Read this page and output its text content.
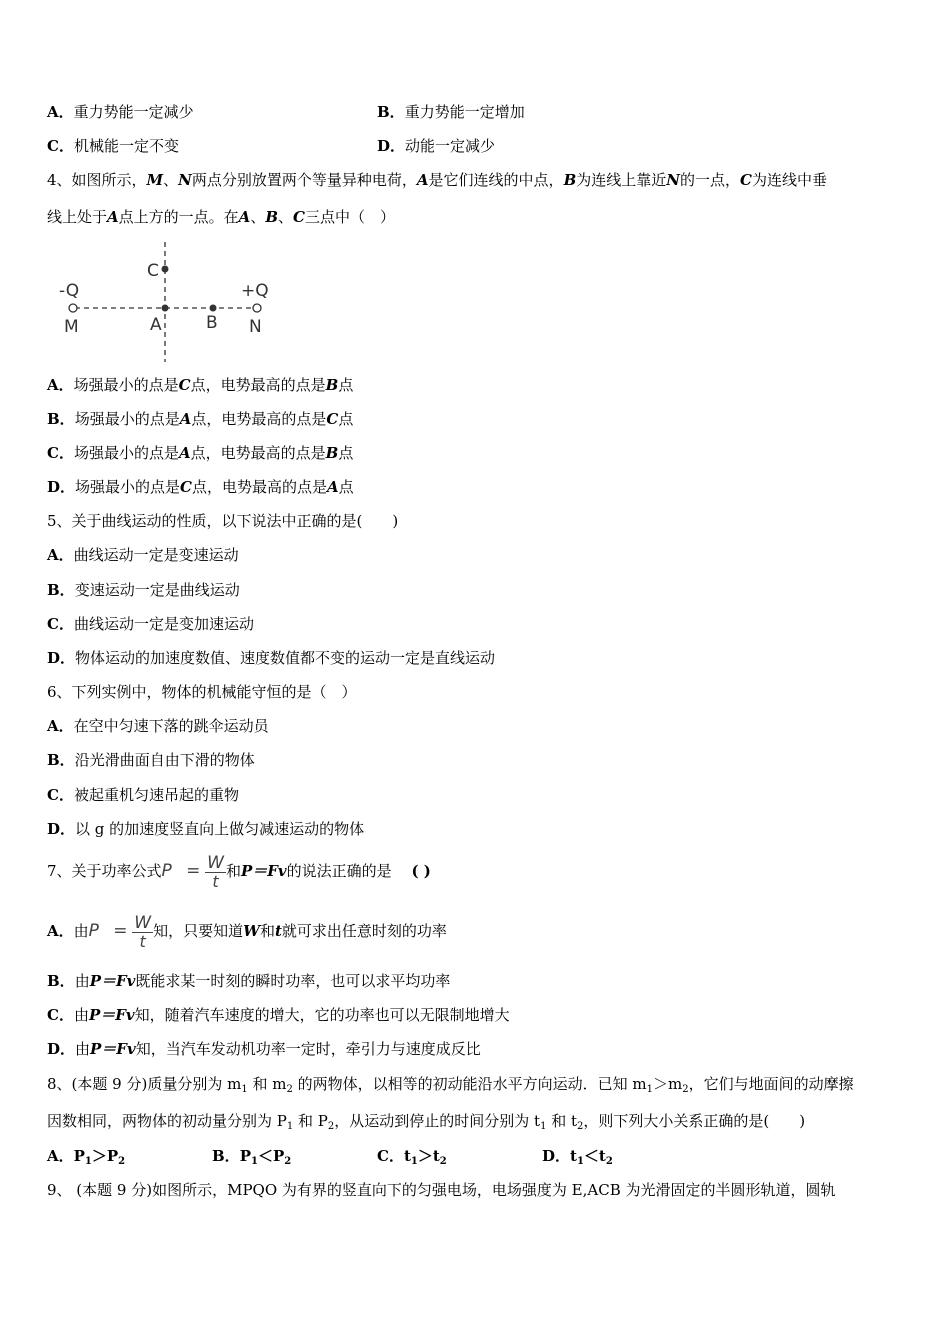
A．重力势能一定减少	B．重力势能一定增加
C．机械能一定不变	D．动能一定减少
4、如图所示，M、N两点分别放置两个等量异种电荷，A是它们连线的中点，B为连线上靠近N的一点，C为连线中垂
线上处于A点上方的一点。在A、B、C三点中（　）
C
-Q	+Q
M	A	B N
A．场强最小的点是C点，电势最高的点是B点
B．场强最小的点是A点，电势最高的点是C点
C．场强最小的点是A点，电势最高的点是B点
D．场强最小的点是C点，电势最高的点是A点
5、关于曲线运动的性质，以下说法中正确的是(　　)
A．曲线运动一定是变速运动
B．变速运动一定是曲线运动
C．曲线运动一定是变加速运动
D．物体运动的加速度数值、速度数值都不变的运动一定是直线运动
6、下列实例中，物体的机械能守恒的是（　）
A．在空中匀速下落的跳伞运动员
B．沿光滑曲面自由下滑的物体
C．被起重机匀速吊起的重物
D．以 g 的加速度竖直向上做匀减速运动的物体
7、关于功率公式$P = \frac{W}{t}$ 和P＝Fv的说法正确的是　 ( )
A．由$P = \frac{W}{t}$ 知，只要知道W和t就可求出任意时刻的功率
B．由P＝Fv既能求某一时刻的瞬时功率，也可以求平均功率
C．由P＝Fv知，随着汽车速度的增大，它的功率也可以无限制地增大
D．由P＝Fv知，当汽车发动机功率一定时，牵引力与速度成反比
8、(本题 9 分)质量分别为 $m_1$ 和 $m_2$ 的两物体，以相等的初动能沿水平方向运动．已知 $m_1>m_2$，它们与地面间的动摩擦
因数相同，两物体的初动量分别为 $P_1$ 和 $P_2$，从运动到停止的时间分别为 $t_1$ 和 $t_2$，则下列大小关系正确的是(　　)
A．$P_1>P_2$	B．$P_1<P_2$	C．$t_1>t_2$	D．$t_1<t_2$
9、 (本题 9 分)如图所示，MPQO 为有界的竖直向下的匀强电场，电场强度为 E,ACB 为光滑固定的半圆形轨道，圆轨
